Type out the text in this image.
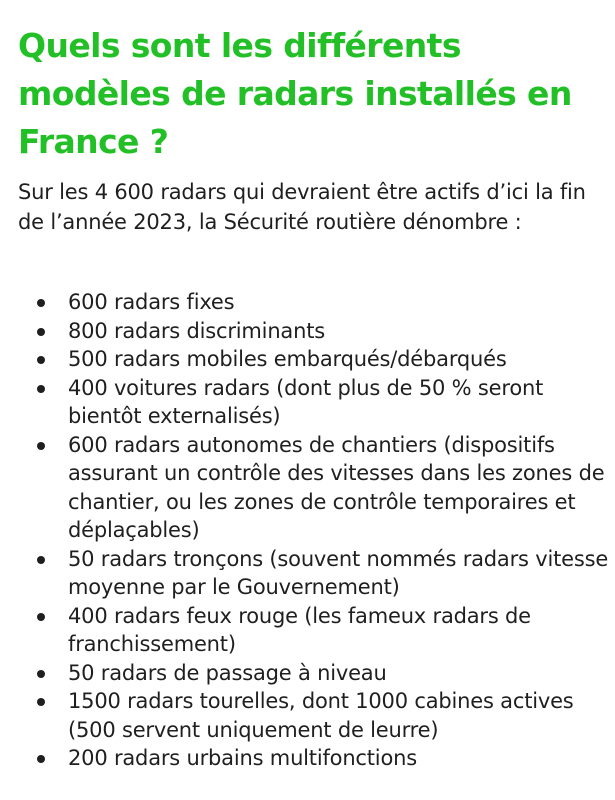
Quels sont les différents modèles de radars installés en France ?

Sur les 4 600 radars qui devraient être actifs d’ici la fin de l’année 2023, la Sécurité routière dénombre :

600 radars fixes
800 radars discriminants
500 radars mobiles embarqués/débarqués
400 voitures radars (dont plus de 50 % seront bientôt externalisés)
600 radars autonomes de chantiers (dispositifs assurant un contrôle des vitesses dans les zones de chantier, ou les zones de contrôle temporaires et déplaçables)
50 radars tronçons (souvent nommés radars vitesse moyenne par le Gouvernement)
400 radars feux rouge (les fameux radars de franchissement)
50 radars de passage à niveau
1500 radars tourelles, dont 1000 cabines actives (500 servent uniquement de leurre)
200 radars urbains multifonctions
